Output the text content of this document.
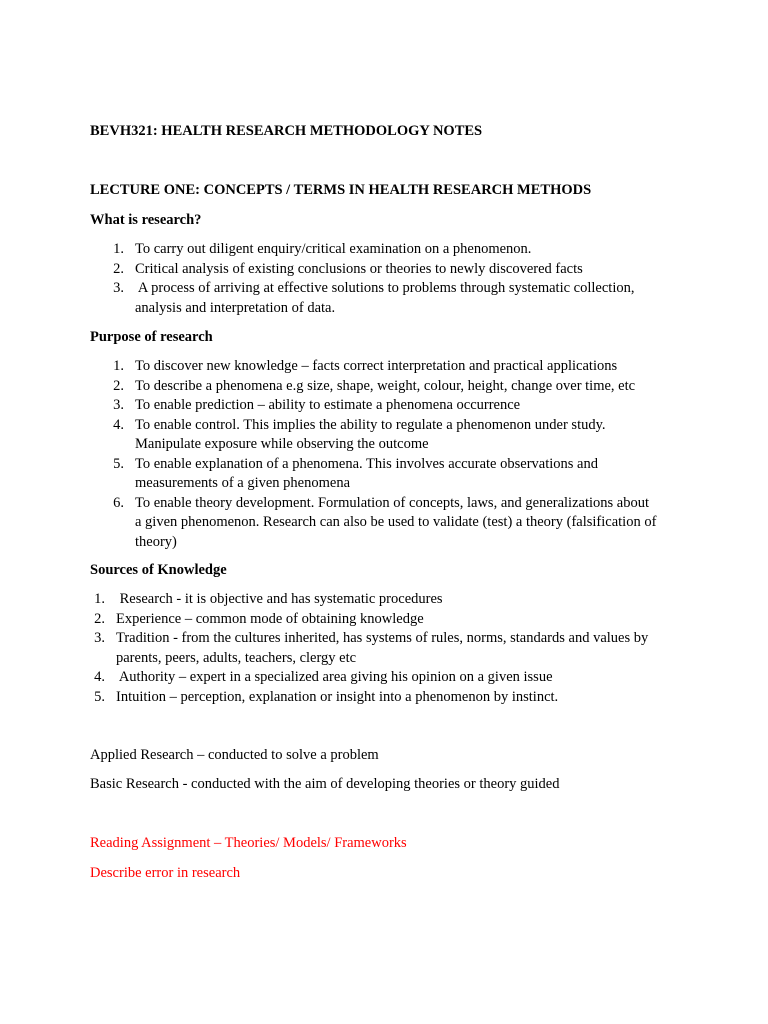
BEVH321: HEALTH RESEARCH METHODOLOGY NOTES
LECTURE ONE: CONCEPTS / TERMS IN HEALTH RESEARCH METHODS
What is research?
1. To carry out diligent enquiry/critical examination on a phenomenon.
2. Critical analysis of existing conclusions or theories to newly discovered facts
3. A process of arriving at effective solutions to problems through systematic collection,
analysis and interpretation of data.
Purpose of research
1. To discover new knowledge – facts correct interpretation and practical applications
2. To describe a phenomena e.g size, shape, weight, colour, height, change over time, etc
3. To enable prediction – ability to estimate a phenomena occurrence
4. To enable control. This implies the ability to regulate a phenomenon under study.
Manipulate exposure while observing the outcome
5. To enable explanation of a phenomena. This involves accurate observations and
measurements of a given phenomena
6. To enable theory development. Formulation of concepts, laws, and generalizations about
a given phenomenon. Research can also be used to validate (test) a theory (falsification of
theory)
Sources of Knowledge
1. Research - it is objective and has systematic procedures
2. Experience – common mode of obtaining knowledge
3. Tradition - from the cultures inherited, has systems of rules, norms, standards and values by
parents, peers, adults, teachers, clergy etc
4. Authority – expert in a specialized area giving his opinion on a given issue
5. Intuition – perception, explanation or insight into a phenomenon by instinct.
Applied Research – conducted to solve a problem
Basic Research - conducted with the aim of developing theories or theory guided
Reading Assignment – Theories/ Models/ Frameworks
Describe error in research
